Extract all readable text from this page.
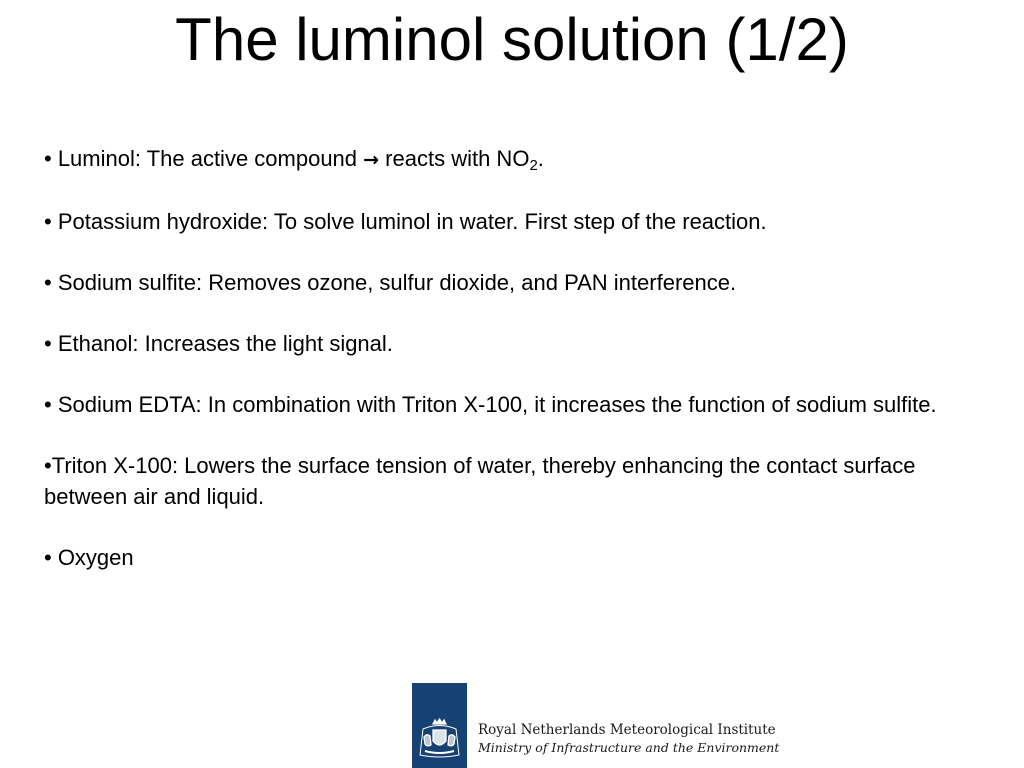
The luminol solution (1/2)

• Luminol: The active compound → reacts with $NO_2$.

• Potassium hydroxide: To solve luminol in water. First step of the reaction.

• Sodium sulfite: Removes ozone, sulfur dioxide, and PAN interference.

• Ethanol: Increases the light signal.

• Sodium EDTA: In combination with Triton X-100, it increases the function of sodium sulfite.

•Triton X-100: Lowers the surface tension of water, thereby enhancing the contact surface between air and liquid.

• Oxygen

Royal Netherlands Meteorological Institute
Ministry of Infrastructure and the Environment
